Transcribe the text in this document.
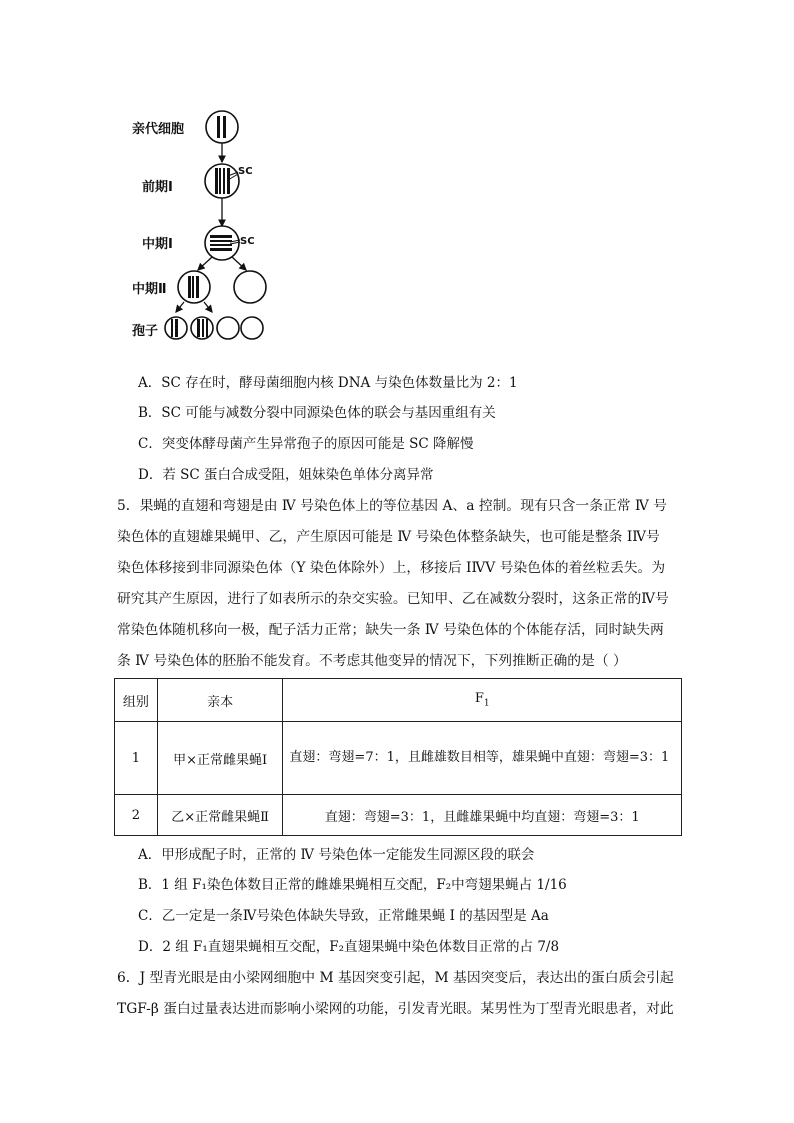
亲代细胞
前期Ⅰ
中期Ⅰ
中期Ⅱ
孢子
SC
SC
A．SC 存在时，酵母菌细胞内核 DNA 与染色体数量比为 2：1
B．SC 可能与减数分裂中同源染色体的联会与基因重组有关
C．突变体酵母菌产生异常孢子的原因可能是 SC 降解慢
D．若 SC 蛋白合成受阻，姐妹染色单体分离异常
5．果蝇的直翅和弯翅是由 Ⅳ 号染色体上的等位基因 A、a 控制。现有只含一条正常 Ⅳ 号
染色体的直翅雄果蝇甲、乙，产生原因可能是 Ⅳ 号染色体整条缺失，也可能是整条 ⅠⅣ号
染色体移接到非同源染色体（Y 染色体除外）上，移接后 ⅠⅣV 号染色体的着丝粒丢失。为
研究其产生原因，进行了如表所示的杂交实验。已知甲、乙在减数分裂时，这条正常的Ⅳ号
常染色体随机移向一极，配子活力正常；缺失一条 Ⅳ 号染色体的个体能存活，同时缺失两
条 Ⅳ 号染色体的胚胎不能发育。不考虑其他变异的情况下，下列推断正确的是（ ）
组别	亲本	$F_1$
1	甲×正常雌果蝇Ⅰ	直翅：弯翅=7：1，且雌雄数目相等，雄果蝇中直翅：弯翅=3：1
2	乙×正常雌果蝇Ⅱ	直翅：弯翅=3：1，且雌雄果蝇中均直翅：弯翅=3：1
A．甲形成配子时，正常的 Ⅳ 号染色体一定能发生同源区段的联会
B．1 组 F₁染色体数目正常的雌雄果蝇相互交配，F₂中弯翅果蝇占 1/16
C．乙一定是一条Ⅳ号染色体缺失导致，正常雌果蝇 Ⅰ 的基因型是 Aa
D．2 组 F₁直翅果蝇相互交配，F₂直翅果蝇中染色体数目正常的占 7/8
6．J 型青光眼是由小梁网细胞中 M 基因突变引起，M 基因突变后，表达出的蛋白质会引起
TGF-β 蛋白过量表达进而影响小梁网的功能，引发青光眼。某男性为丁型青光眼患者，对此
